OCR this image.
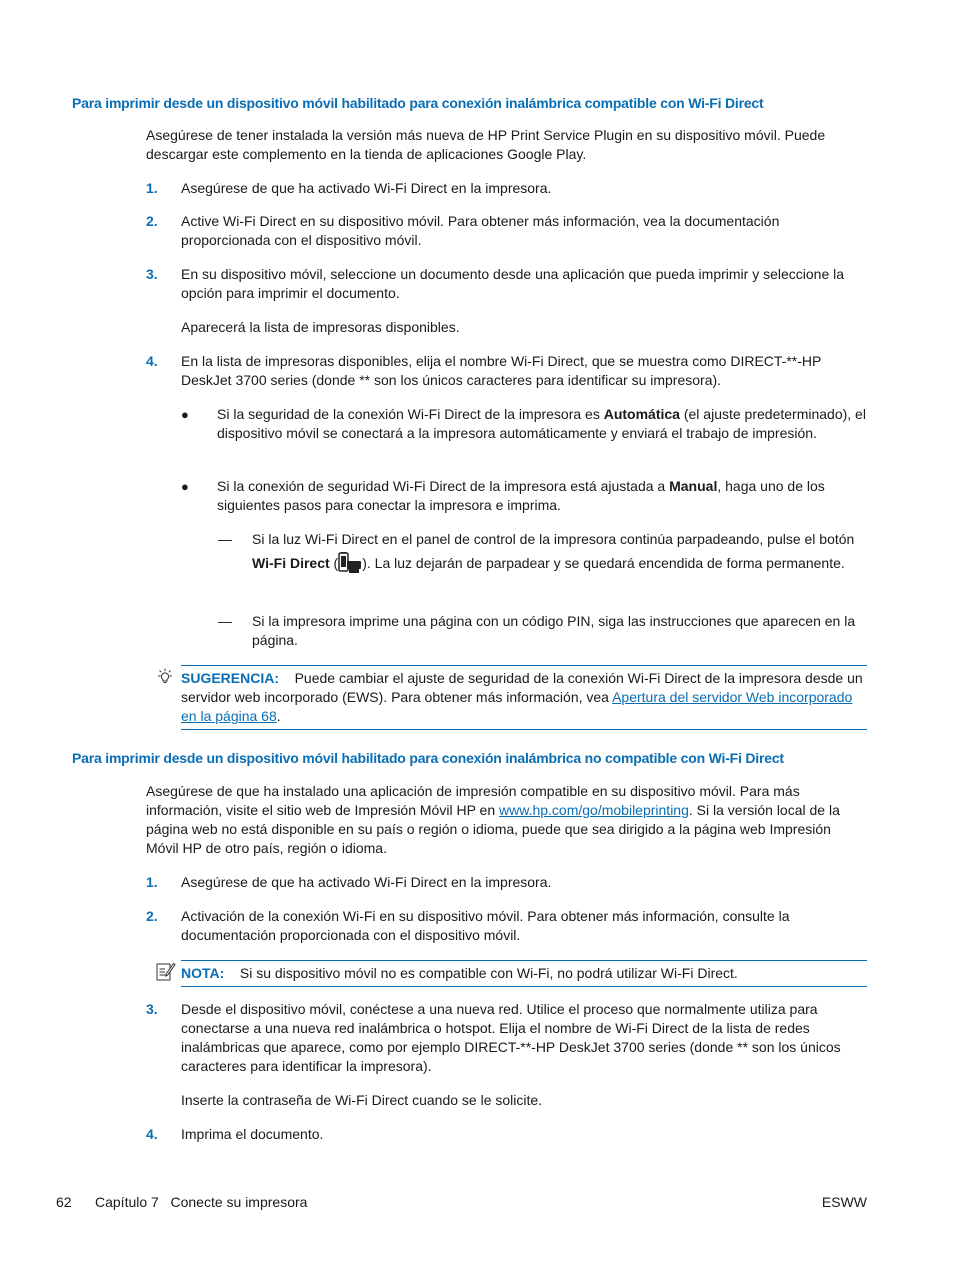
Para imprimir desde un dispositivo móvil habilitado para conexión inalámbrica compatible con Wi-Fi Direct
Asegúrese de tener instalada la versión más nueva de HP Print Service Plugin en su dispositivo móvil. Puede descargar este complemento en la tienda de aplicaciones Google Play.
1. Asegúrese de que ha activado Wi-Fi Direct en la impresora.
2. Active Wi-Fi Direct en su dispositivo móvil. Para obtener más información, vea la documentación proporcionada con el dispositivo móvil.
3. En su dispositivo móvil, seleccione un documento desde una aplicación que pueda imprimir y seleccione la opción para imprimir el documento.
Aparecerá la lista de impresoras disponibles.
4. En la lista de impresoras disponibles, elija el nombre Wi-Fi Direct, que se muestra como DIRECT-**-HP DeskJet 3700 series (donde ** son los únicos caracteres para identificar su impresora).
● Si la seguridad de la conexión Wi-Fi Direct de la impresora es Automática (el ajuste predeterminado), el dispositivo móvil se conectará a la impresora automáticamente y enviará el trabajo de impresión.
● Si la conexión de seguridad Wi-Fi Direct de la impresora está ajustada a Manual, haga uno de los siguientes pasos para conectar la impresora e imprima.
— Si la luz Wi-Fi Direct en el panel de control de la impresora continúa parpadeando, pulse el botón Wi-Fi Direct ( ). La luz dejarán de parpadear y se quedará encendida de forma permanente.
— Si la impresora imprime una página con un código PIN, siga las instrucciones que aparecen en la página.
SUGERENCIA: Puede cambiar el ajuste de seguridad de la conexión Wi-Fi Direct de la impresora desde un servidor web incorporado (EWS). Para obtener más información, vea Apertura del servidor Web incorporado en la página 68.
Para imprimir desde un dispositivo móvil habilitado para conexión inalámbrica no compatible con Wi-Fi Direct
Asegúrese de que ha instalado una aplicación de impresión compatible en su dispositivo móvil. Para más información, visite el sitio web de Impresión Móvil HP en www.hp.com/go/mobileprinting. Si la versión local de la página web no está disponible en su país o región o idioma, puede que sea dirigido a la página web Impresión Móvil HP de otro país, región o idioma.
1. Asegúrese de que ha activado Wi-Fi Direct en la impresora.
2. Activación de la conexión Wi-Fi en su dispositivo móvil. Para obtener más información, consulte la documentación proporcionada con el dispositivo móvil.
NOTA: Si su dispositivo móvil no es compatible con Wi-Fi, no podrá utilizar Wi-Fi Direct.
3. Desde el dispositivo móvil, conéctese a una nueva red. Utilice el proceso que normalmente utiliza para conectarse a una nueva red inalámbrica o hotspot. Elija el nombre de Wi-Fi Direct de la lista de redes inalámbricas que aparece, como por ejemplo DIRECT-**-HP DeskJet 3700 series (donde ** son los únicos caracteres para identificar la impresora).
Inserte la contraseña de Wi-Fi Direct cuando se le solicite.
4. Imprima el documento.
62 Capítulo 7   Conecte su impresora	ESWW
